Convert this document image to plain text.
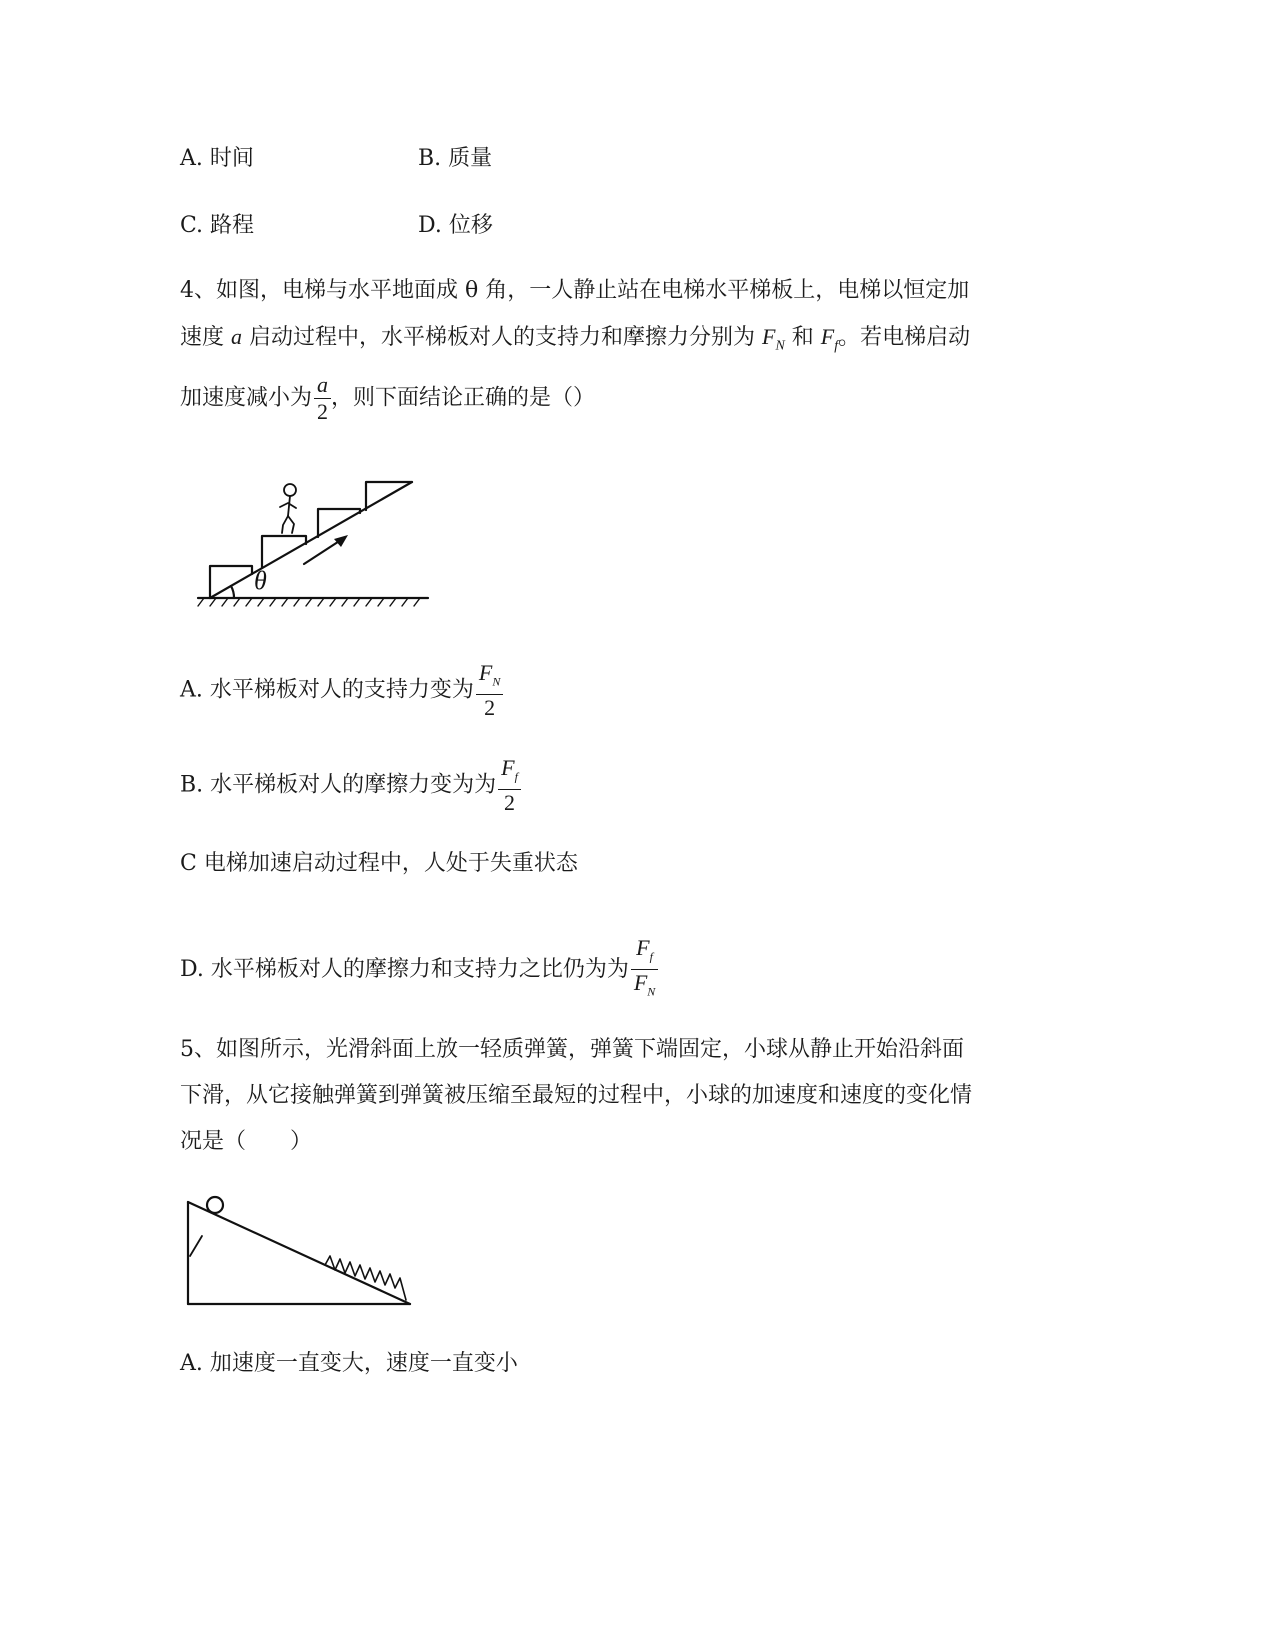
A. 时间	B. 质量
C. 路程	D. 位移
4、如图，电梯与水平地面成 θ 角，一人静止站在电梯水平梯板上，电梯以恒定加
速度 a 启动过程中，水平梯板对人的支持力和摩擦力分别为 $F_N$ 和 $F_f$。若电梯启动
加速度减小为 $\frac{a}{2}$ ，则下面结论正确的是（）
θ
A. 水平梯板对人的支持力变为 $\frac{F_N}{2}$
B. 水平梯板对人的摩擦力变为为 $\frac{F_f}{2}$
C 电梯加速启动过程中，人处于失重状态
D. 水平梯板对人的摩擦力和支持力之比仍为为 $\frac{F_f}{F_N}$
5、如图所示，光滑斜面上放一轻质弹簧，弹簧下端固定，小球从静止开始沿斜面
下滑，从它接触弹簧到弹簧被压缩至最短的过程中，小球的加速度和速度的变化情
况是（　　）
A. 加速度一直变大，速度一直变小
